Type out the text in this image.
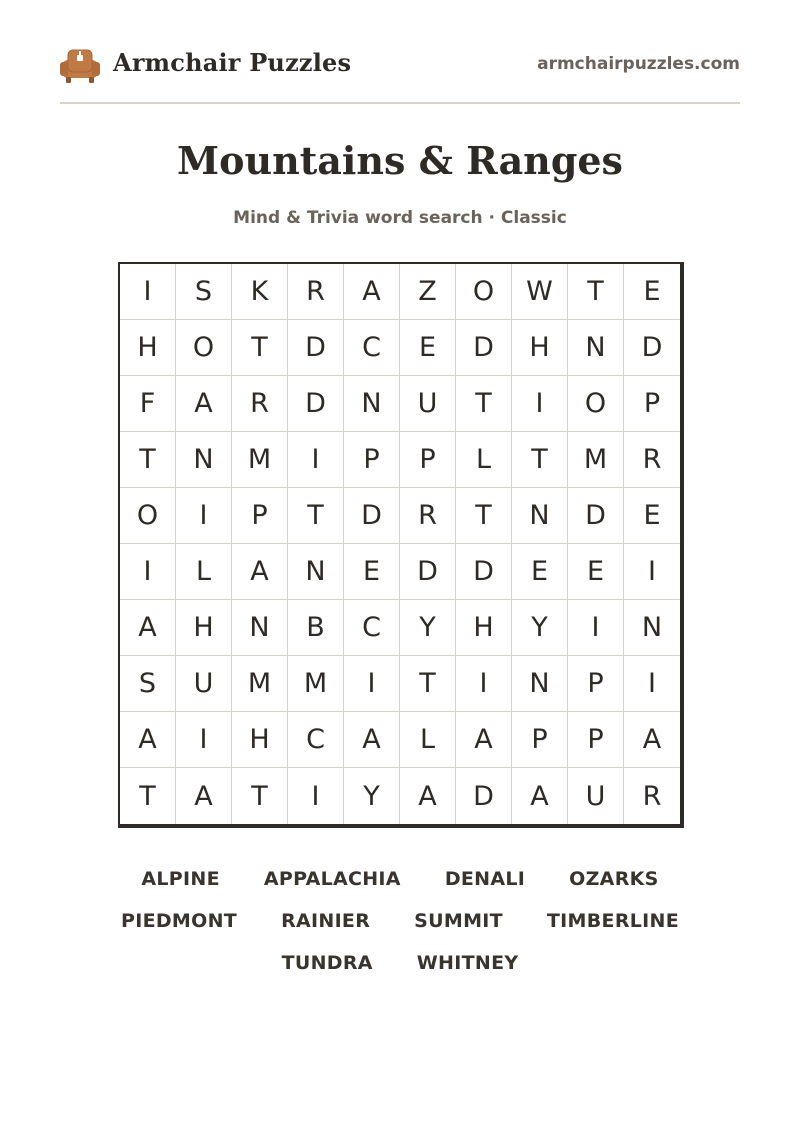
Armchair Puzzles	armchairpuzzles.com
Mountains & Ranges
Mind & Trivia word search · Classic
I	S	K	R	A	Z	O	W	T	E
H	O	T	D	C	E	D	H	N	D
F	A	R	D	N	U	T	I	O	P
T	N	M	I	P	P	L	T	M	R
O	I	P	T	D	R	T	N	D	E
I	L	A	N	E	D	D	E	E	I
A	H	N	B	C	Y	H	Y	I	N
S	U	M	M	I	T	I	N	P	I
A	I	H	C	A	L	A	P	P	A
T	A	T	I	Y	A	D	A	U	R
ALPINE APPALACHIA DENALI OZARKS
PIEDMONT RAINIER SUMMIT TIMBERLINE
TUNDRA WHITNEY
